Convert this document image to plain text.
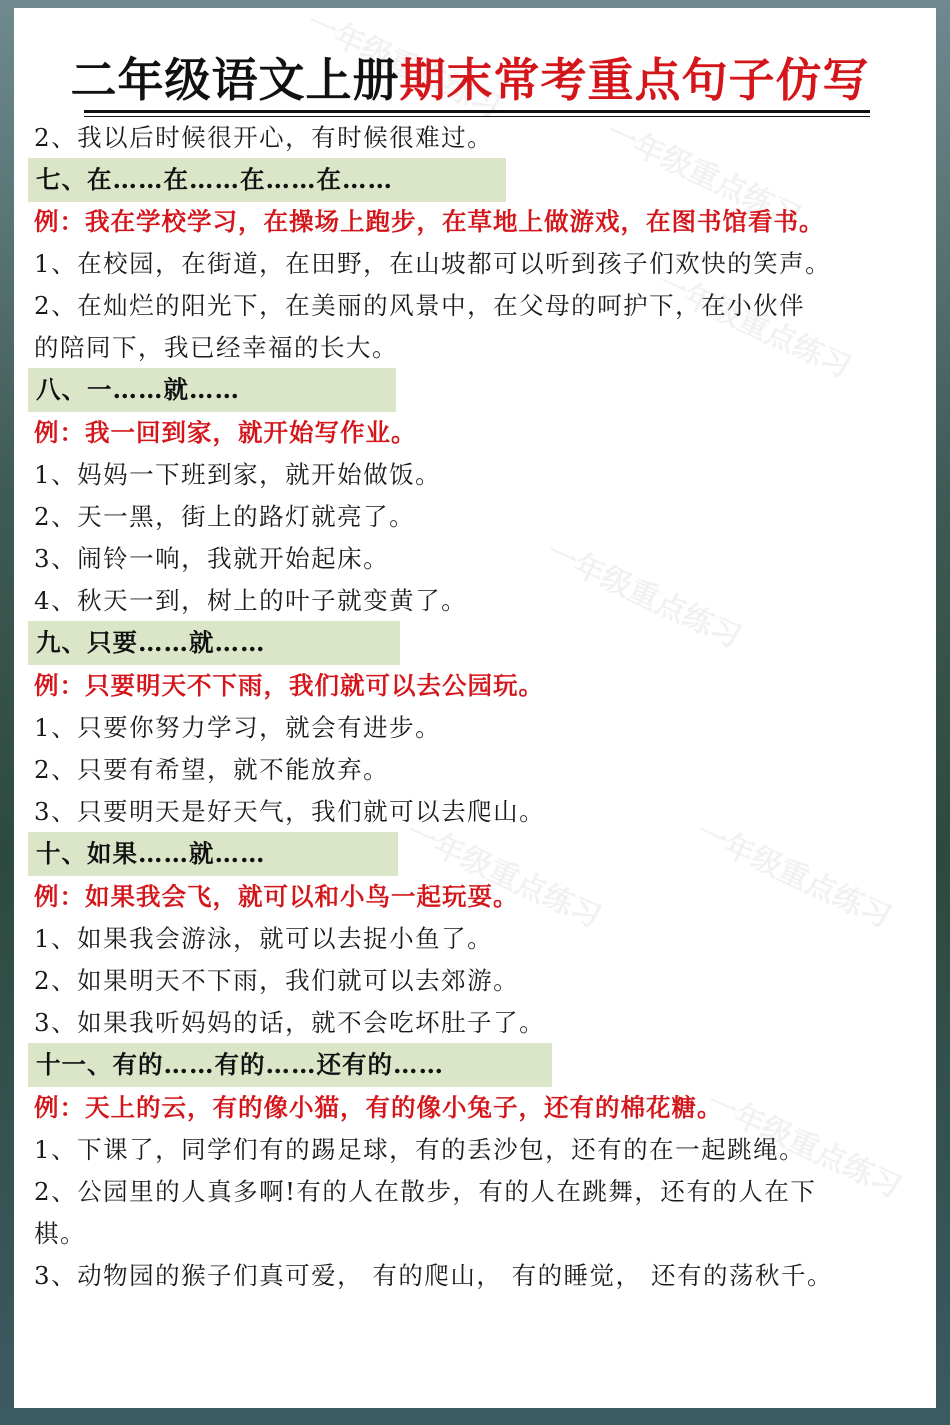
二年级语文上册期末常考重点句子仿写
2、我以后时候很开心，有时候很难过。
七、在……在……在……在……
例：我在学校学习，在操场上跑步，在草地上做游戏，在图书馆看书。
1、在校园，在街道，在田野，在山坡都可以听到孩子们欢快的笑声。
2、在灿烂的阳光下，在美丽的风景中，在父母的呵护下，在小伙伴
的陪同下，我已经幸福的长大。
八、一……就……
例：我一回到家，就开始写作业。
1、妈妈一下班到家，就开始做饭。
2、天一黑，街上的路灯就亮了。
3、闹铃一响，我就开始起床。
4、秋天一到，树上的叶子就变黄了。
九、只要……就……
例：只要明天不下雨，我们就可以去公园玩。
1、只要你努力学习，就会有进步。
2、只要有希望，就不能放弃。
3、只要明天是好天气，我们就可以去爬山。
十、如果……就……
例：如果我会飞，就可以和小鸟一起玩耍。
1、如果我会游泳，就可以去捉小鱼了。
2、如果明天不下雨，我们就可以去郊游。
3、如果我听妈妈的话，就不会吃坏肚子了。
十一、有的……有的……还有的……
例：天上的云，有的像小猫，有的像小兔子，还有的棉花糖。
1、下课了，同学们有的踢足球，有的丢沙包，还有的在一起跳绳。
2、公园里的人真多啊!有的人在散步，有的人在跳舞，还有的人在下
棋。
3、动物园的猴子们真可爱， 有的爬山， 有的睡觉， 还有的荡秋千。
